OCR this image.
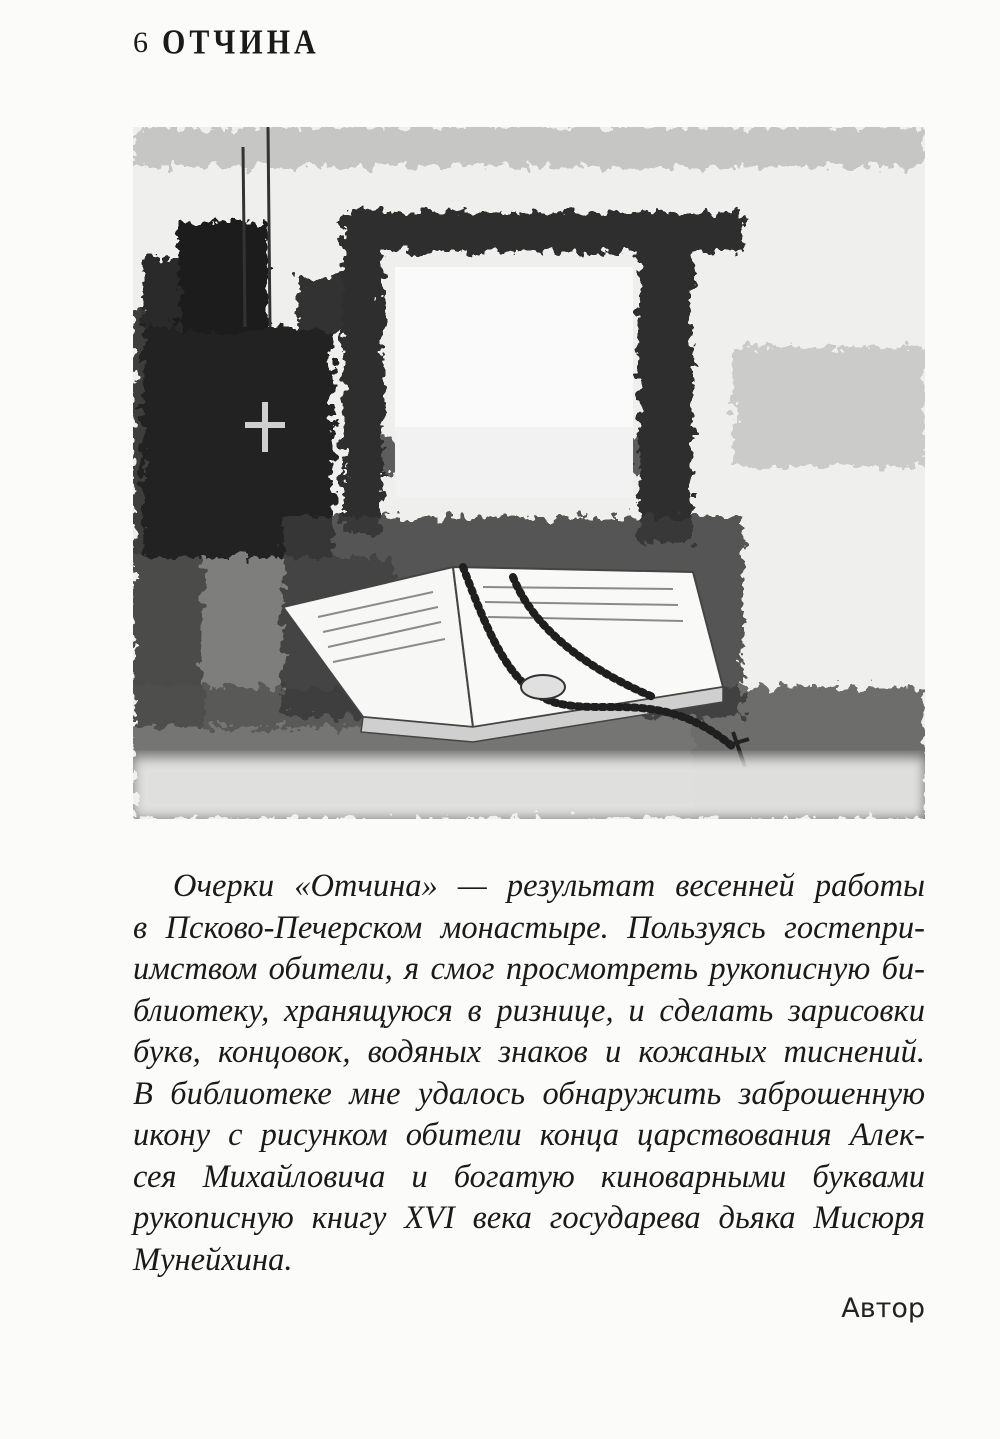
6 ОТЧИНА
Очерки «Отчина» — результат весенней работы
в Псково-Печерском монастыре. Пользуясь гостепри-
имством обители, я смог просмотреть рукописную би-
блиотеку, хранящуюся в ризнице, и сделать зарисовки
букв, концовок, водяных знаков и кожаных тиснений.
В библиотеке мне удалось обнаружить заброшенную
икону с рисунком обители конца царствования Алек-
сея Михайловича и богатую киноварными буквами
рукописную книгу XVI века государева дьяка Мисюря
Мунейхина.
Автор
